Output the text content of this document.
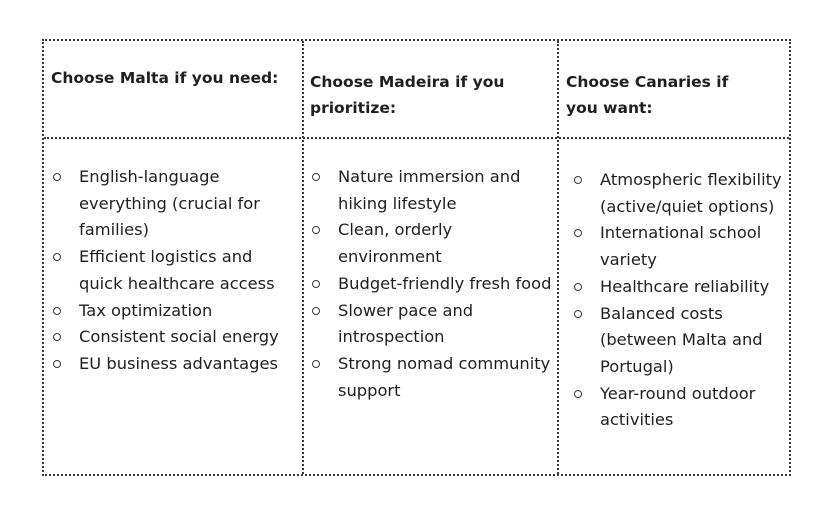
Choose Malta if you need:
English-language everything (crucial for families)
Efficient logistics and quick healthcare access
Tax optimization
Consistent social energy
EU business advantages
Choose Madeira if you prioritize:
Nature immersion and hiking lifestyle
Clean, orderly environment
Budget-friendly fresh food
Slower pace and introspection
Strong nomad community support
Choose Canaries if you want:
Atmospheric flexibility (active/quiet options)
International school variety
Healthcare reliability
Balanced costs (between Malta and Portugal)
Year-round outdoor activities
